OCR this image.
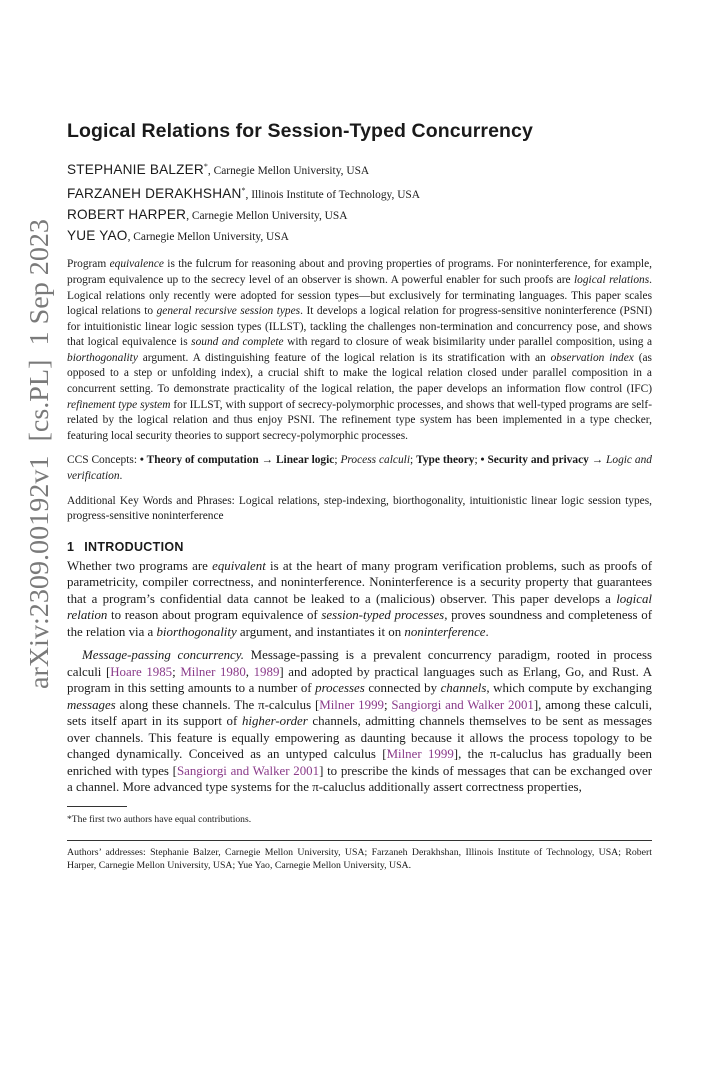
arXiv:2309.00192v1  [cs.PL]  1 Sep 2023
Logical Relations for Session-Typed Concurrency

STEPHANIE BALZER*, Carnegie Mellon University, USA

FARZANEH DERAKHSHAN*, Illinois Institute of Technology, USA

ROBERT HARPER, Carnegie Mellon University, USA

YUE YAO, Carnegie Mellon University, USA

Program equivalence is the fulcrum for reasoning about and proving properties of programs. For noninterference, for example, program equivalence up to the secrecy level of an observer is shown. A powerful enabler for such proofs are logical relations. Logical relations only recently were adopted for session types—but exclusively for terminating languages. This paper scales logical relations to general recursive session types. It develops a logical relation for progress-sensitive noninterference (PSNI) for intuitionistic linear logic session types (ILLST), tackling the challenges non-termination and concurrency pose, and shows that logical equivalence is sound and complete with regard to closure of weak bisimilarity under parallel composition, using a biorthogonality argument. A distinguishing feature of the logical relation is its stratification with an observation index (as opposed to a step or unfolding index), a crucial shift to make the logical relation closed under parallel composition in a concurrent setting. To demonstrate practicality of the logical relation, the paper develops an information flow control (IFC) refinement type system for ILLST, with support of secrecy-polymorphic processes, and shows that well-typed programs are self-related by the logical relation and thus enjoy PSNI. The refinement type system has been implemented in a type checker, featuring local security theories to support secrecy-polymorphic processes.

CCS Concepts: • Theory of computation → Linear logic; Process calculi; Type theory; • Security and privacy → Logic and verification.

Additional Key Words and Phrases: Logical relations, step-indexing, biorthogonality, intuitionistic linear logic session types, progress-sensitive noninterference

1 INTRODUCTION

Whether two programs are equivalent is at the heart of many program verification problems, such as proofs of parametricity, compiler correctness, and noninterference. Noninterference is a security property that guarantees that a program’s confidential data cannot be leaked to a (malicious) observer. This paper develops a logical relation to reason about program equivalence of session-typed processes, proves soundness and completeness of the relation via a biorthogonality argument, and instantiates it on noninterference.

Message-passing concurrency. Message-passing is a prevalent concurrency paradigm, rooted in process calculi [Hoare 1985; Milner 1980, 1989] and adopted by practical languages such as Erlang, Go, and Rust. A program in this setting amounts to a number of processes connected by channels, which compute by exchanging messages along these channels. The π-calculus [Milner 1999; Sangiorgi and Walker 2001], among these calculi, sets itself apart in its support of higher-order channels, admitting channels themselves to be sent as messages over channels. This feature is equally empowering as daunting because it allows the process topology to be changed dynamically. Conceived as an untyped calculus [Milner 1999], the π-caluclus has gradually been enriched with types [Sangiorgi and Walker 2001] to prescribe the kinds of messages that can be exchanged over a channel. More advanced type systems for the π-caluclus additionally assert correctness properties,

*The first two authors have equal contributions.

Authors’ addresses: Stephanie Balzer, Carnegie Mellon University, USA; Farzaneh Derakhshan, Illinois Institute of Technology, USA; Robert Harper, Carnegie Mellon University, USA; Yue Yao, Carnegie Mellon University, USA.
